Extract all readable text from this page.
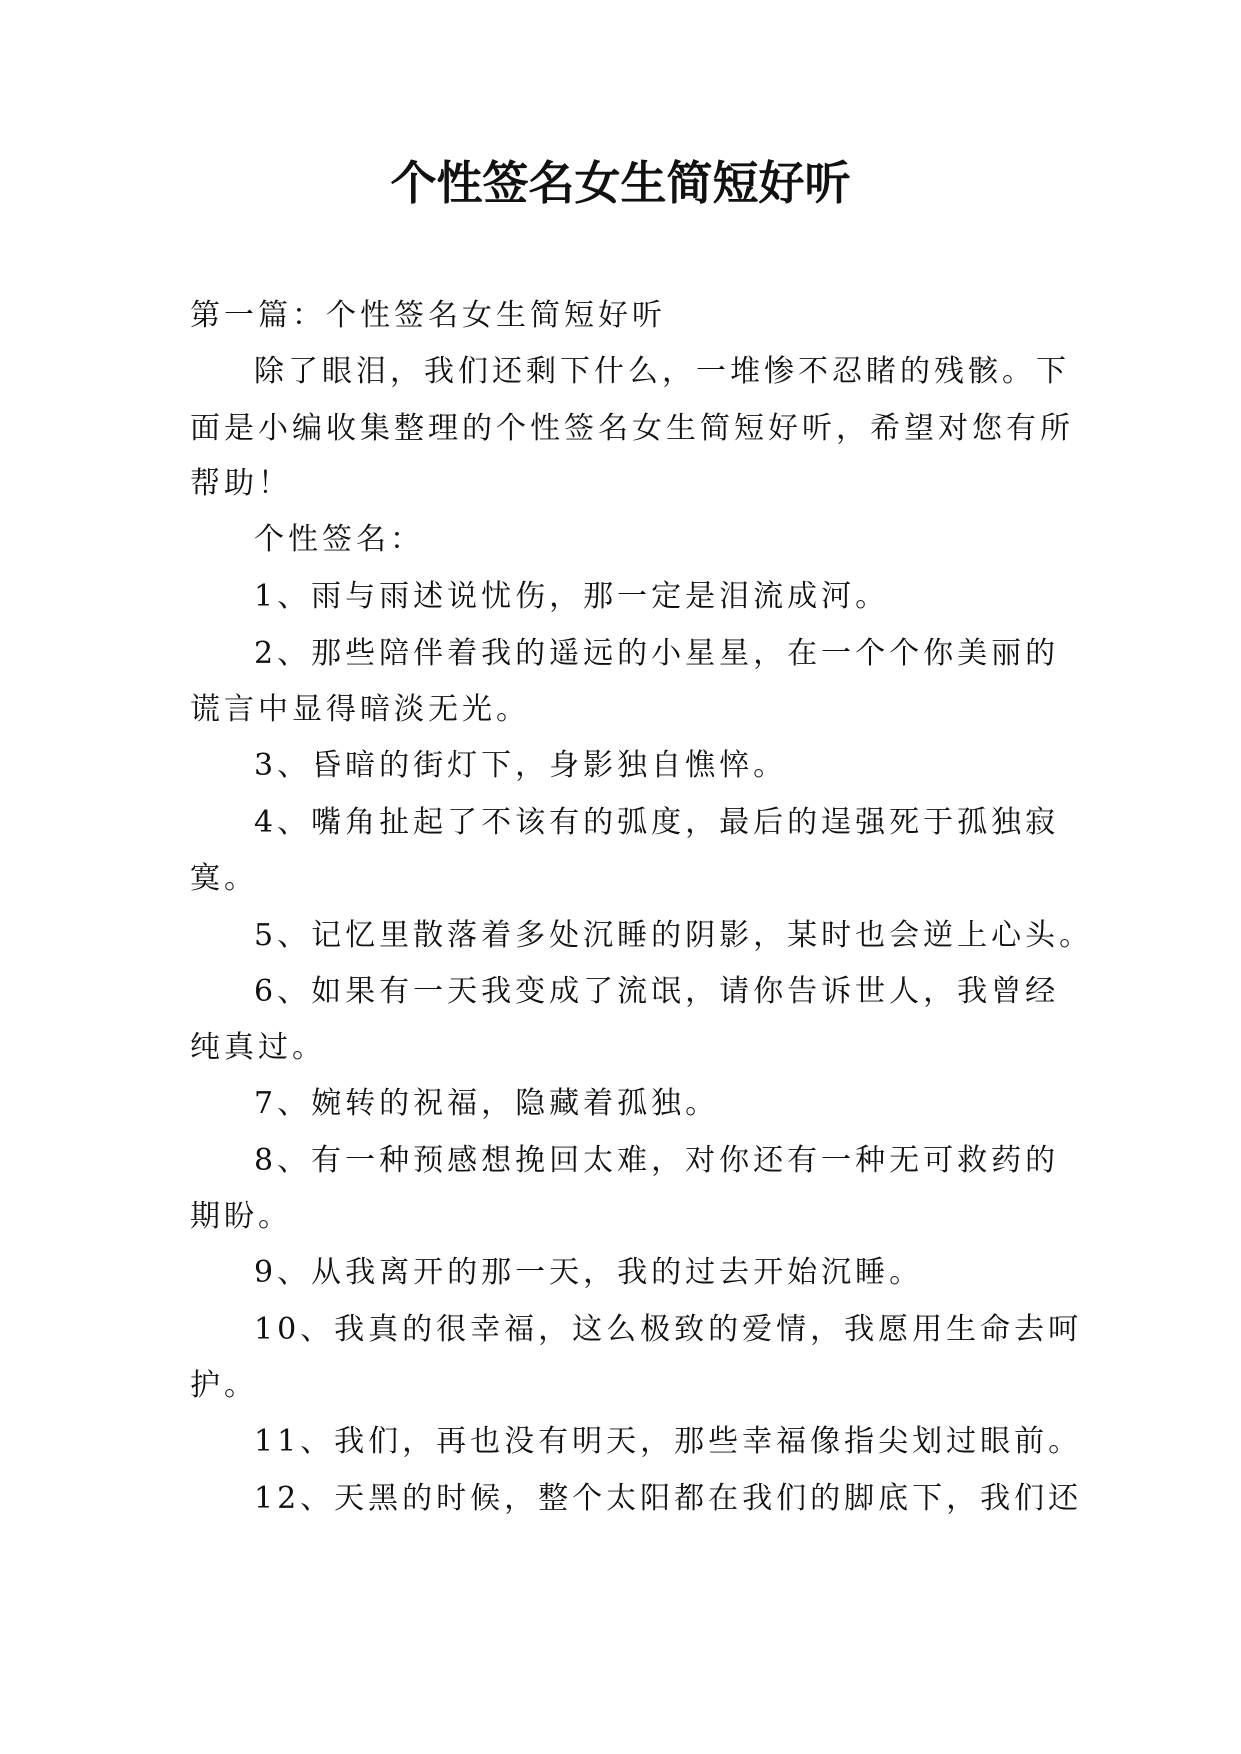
个性签名女生简短好听
第一篇：个性签名女生简短好听
除了眼泪，我们还剩下什么，一堆惨不忍睹的残骸。下
面是小编收集整理的个性签名女生简短好听，希望对您有所
帮助！
个性签名：
1、雨与雨述说忧伤，那一定是泪流成河。
2、那些陪伴着我的遥远的小星星，在一个个你美丽的
谎言中显得暗淡无光。
3、昏暗的街灯下，身影独自憔悴。
4、嘴角扯起了不该有的弧度，最后的逞强死于孤独寂
寞。
5、记忆里散落着多处沉睡的阴影，某时也会逆上心头。
6、如果有一天我变成了流氓，请你告诉世人，我曾经
纯真过。
7、婉转的祝福，隐藏着孤独。
8、有一种预感想挽回太难，对你还有一种无可救药的
期盼。
9、从我离开的那一天，我的过去开始沉睡。
10、我真的很幸福，这么极致的爱情，我愿用生命去呵
护。
11、我们，再也没有明天，那些幸福像指尖划过眼前。
12、天黑的时候，整个太阳都在我们的脚底下，我们还
